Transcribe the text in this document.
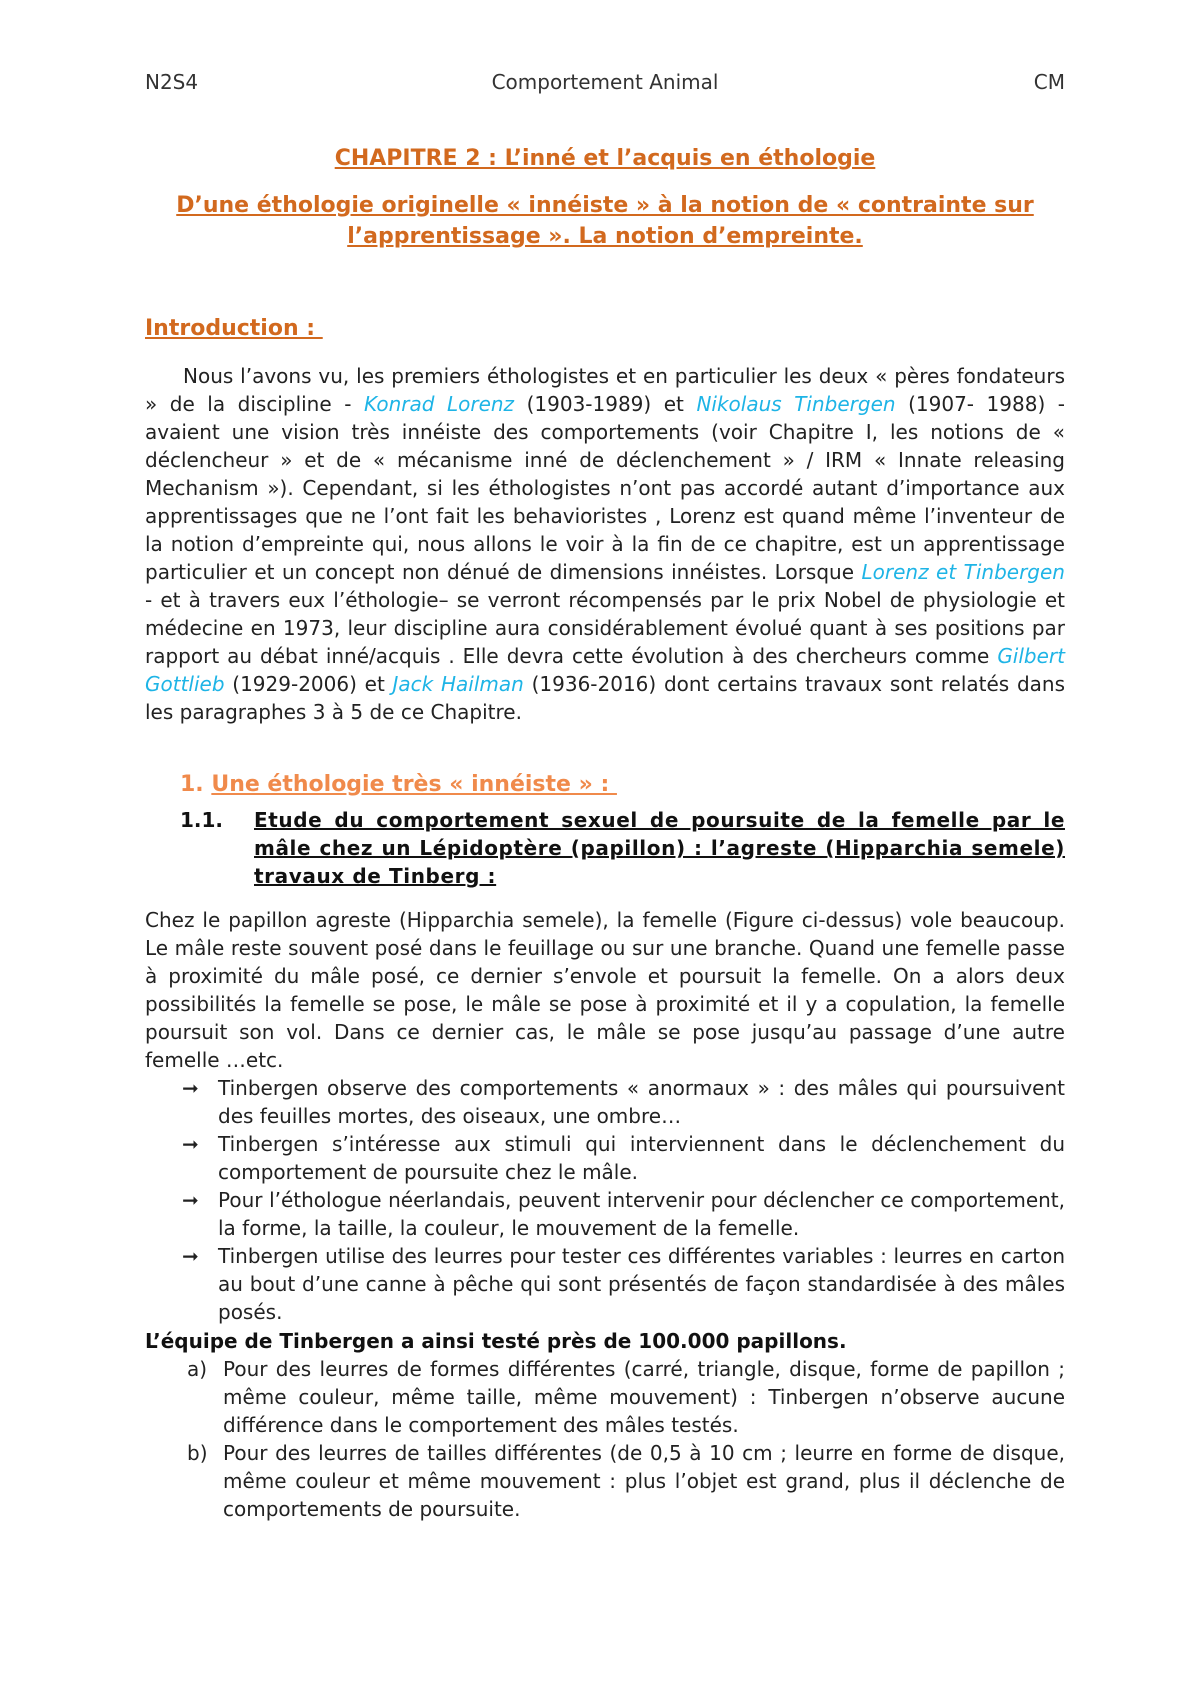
N2S4	Comportement Animal	CM
CHAPITRE 2 : L’inné et l’acquis en éthologie
D’une éthologie originelle « innéiste » à la notion de « contrainte sur l’apprentissage ». La notion d’empreinte.
Introduction :
Nous l’avons vu, les premiers éthologistes et en particulier les deux « pères fondateurs » de la discipline - Konrad Lorenz (1903-1989) et Nikolaus Tinbergen (1907- 1988) - avaient une vision très innéiste des comportements (voir Chapitre I, les notions de « déclencheur » et de « mécanisme inné de déclenchement » / IRM « Innate releasing Mechanism »). Cependant, si les éthologistes n’ont pas accordé autant d’importance aux apprentissages que ne l’ont fait les behavioristes , Lorenz est quand même l’inventeur de la notion d’empreinte qui, nous allons le voir à la fin de ce chapitre, est un apprentissage particulier et un concept non dénué de dimensions innéistes. Lorsque Lorenz et Tinbergen - et à travers eux l’éthologie– se verront récompensés par le prix Nobel de physiologie et médecine en 1973, leur discipline aura considérablement évolué quant à ses positions par rapport au débat inné/acquis . Elle devra cette évolution à des chercheurs comme Gilbert Gottlieb (1929-2006) et Jack Hailman (1936-2016) dont certains travaux sont relatés dans les paragraphes 3 à 5 de ce Chapitre.
1. Une éthologie très « innéiste » :
1.1. Etude du comportement sexuel de poursuite de la femelle par le mâle chez un Lépidoptère (papillon) : l’agreste (Hipparchia semele) travaux de Tinberg :
Chez le papillon agreste (Hipparchia semele), la femelle (Figure ci-dessus) vole beaucoup. Le mâle reste souvent posé dans le feuillage ou sur une branche. Quand une femelle passe à proximité du mâle posé, ce dernier s’envole et poursuit la femelle. On a alors deux possibilités la femelle se pose, le mâle se pose à proximité et il y a copulation, la femelle poursuit son vol. Dans ce dernier cas, le mâle se pose jusqu’au passage d’une autre femelle …etc.
➞ Tinbergen observe des comportements « anormaux » : des mâles qui poursuivent des feuilles mortes, des oiseaux, une ombre…
➞ Tinbergen s’intéresse aux stimuli qui interviennent dans le déclenchement du comportement de poursuite chez le mâle.
➞ Pour l’éthologue néerlandais, peuvent intervenir pour déclencher ce comportement, la forme, la taille, la couleur, le mouvement de la femelle.
➞ Tinbergen utilise des leurres pour tester ces différentes variables : leurres en carton au bout d’une canne à pêche qui sont présentés de façon standardisée à des mâles posés.
L’équipe de Tinbergen a ainsi testé près de 100.000 papillons.
a) Pour des leurres de formes différentes (carré, triangle, disque, forme de papillon ; même couleur, même taille, même mouvement) : Tinbergen n’observe aucune différence dans le comportement des mâles testés.
b) Pour des leurres de tailles différentes (de 0,5 à 10 cm ; leurre en forme de disque, même couleur et même mouvement : plus l’objet est grand, plus il déclenche de comportements de poursuite.
